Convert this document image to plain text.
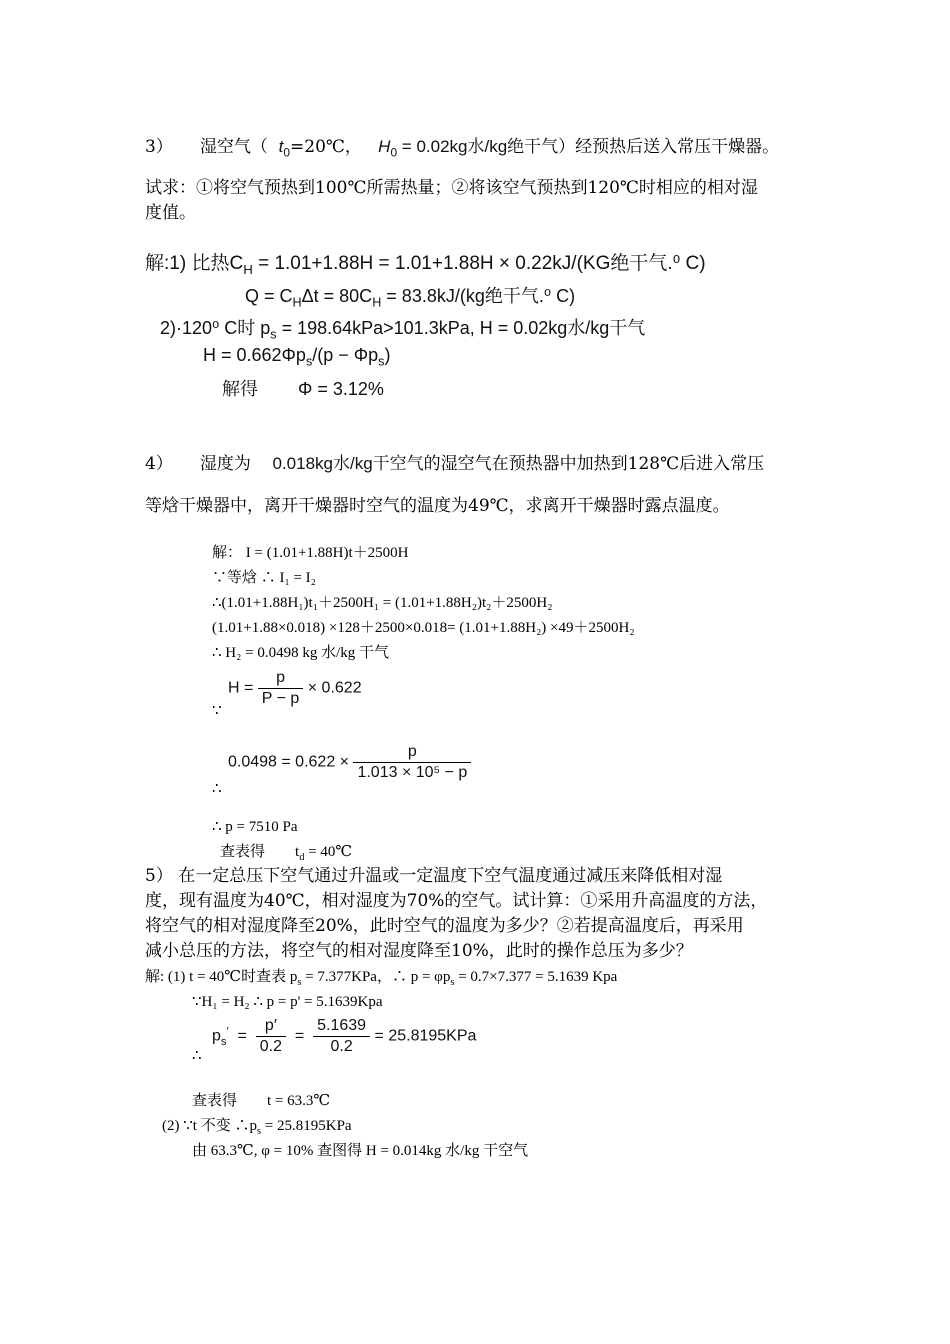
3） 湿空气（ $t_0=20℃$， $H_0 = 0.02kg$水/kg绝干气）经预热后送入常压干燥器。
试求：①将空气预热到100℃所需热量；②将该空气预热到120℃时相应的相对湿
度值。
解:1) 比热$C_H = 1.01+1.88H = 1.01+1.88H \times 0.22kJ/(KG$绝干气.⁰ C)
$Q = C_H\Delta t = 80C_H = 83.8kJ/(kg$绝干气.⁰ C)
2)·120⁰ C时 $p_s = 198.64kPa>101.3kPa$, H = 0.02kg水/kg干气
$H = 0.662\Phi p_s/(p - \Phi p_s)$
解得 Φ = 3.12%
4） 湿度为 0.018kg水/kg干空气的湿空气在预热器中加热到128℃后进入常压
等焓干燥器中，离开干燥器时空气的温度为49℃，求离开干燥器时露点温度。
解： I = (1.01+1.88H)t＋2500H
∵等焓 ∴ I₁ = I₂
∴(1.01+1.88H₁)t₁＋2500H₁ = (1.01+1.88H₂)t₂＋2500H₂
(1.01+1.88×0.018) ×128＋2500×0.018= (1.01+1.88H₂) ×49＋2500H₂
∴ H₂ = 0.0498 kg 水/kg 干气
$H = \frac{p}{P - p} \times 0.622$
∵
$0.0498 = 0.622 \times \frac{p}{\text{1.013 × 10⁵ − p}}$
∴
∴ p = 7510 Pa
查表得 $t_d$ = 40℃
5） 在一定总压下空气通过升温或一定温度下空气温度通过减压来降低相对湿
度，现有温度为40℃，相对湿度为70%的空气。试计算：①采用升高温度的方法，
将空气的相对湿度降至20%，此时空气的温度为多少？②若提高温度后，再采用
减小总压的方法，将空气的相对湿度降至10%，此时的操作总压为多少？
解: (1) t = 40℃时查表 $p_s = 7.377KPa$，∴ $p = \varphi p_s = 0.7\times 7.377 = 5.1639$ Kpa
∵H₁ = H₂ ∴ p = p' = 5.1639Kpa
$p_s' = \frac{p'}{0.2} = \frac{5.1639}{0.2} = 25.8195KPa$
∴
查表得 t = 63.3℃
(2) ∵t 不变 $\therefore p_s = 25.8195KPa$
由 63.3℃, φ = 10% 查图得 H = 0.014kg 水/kg 干空气
